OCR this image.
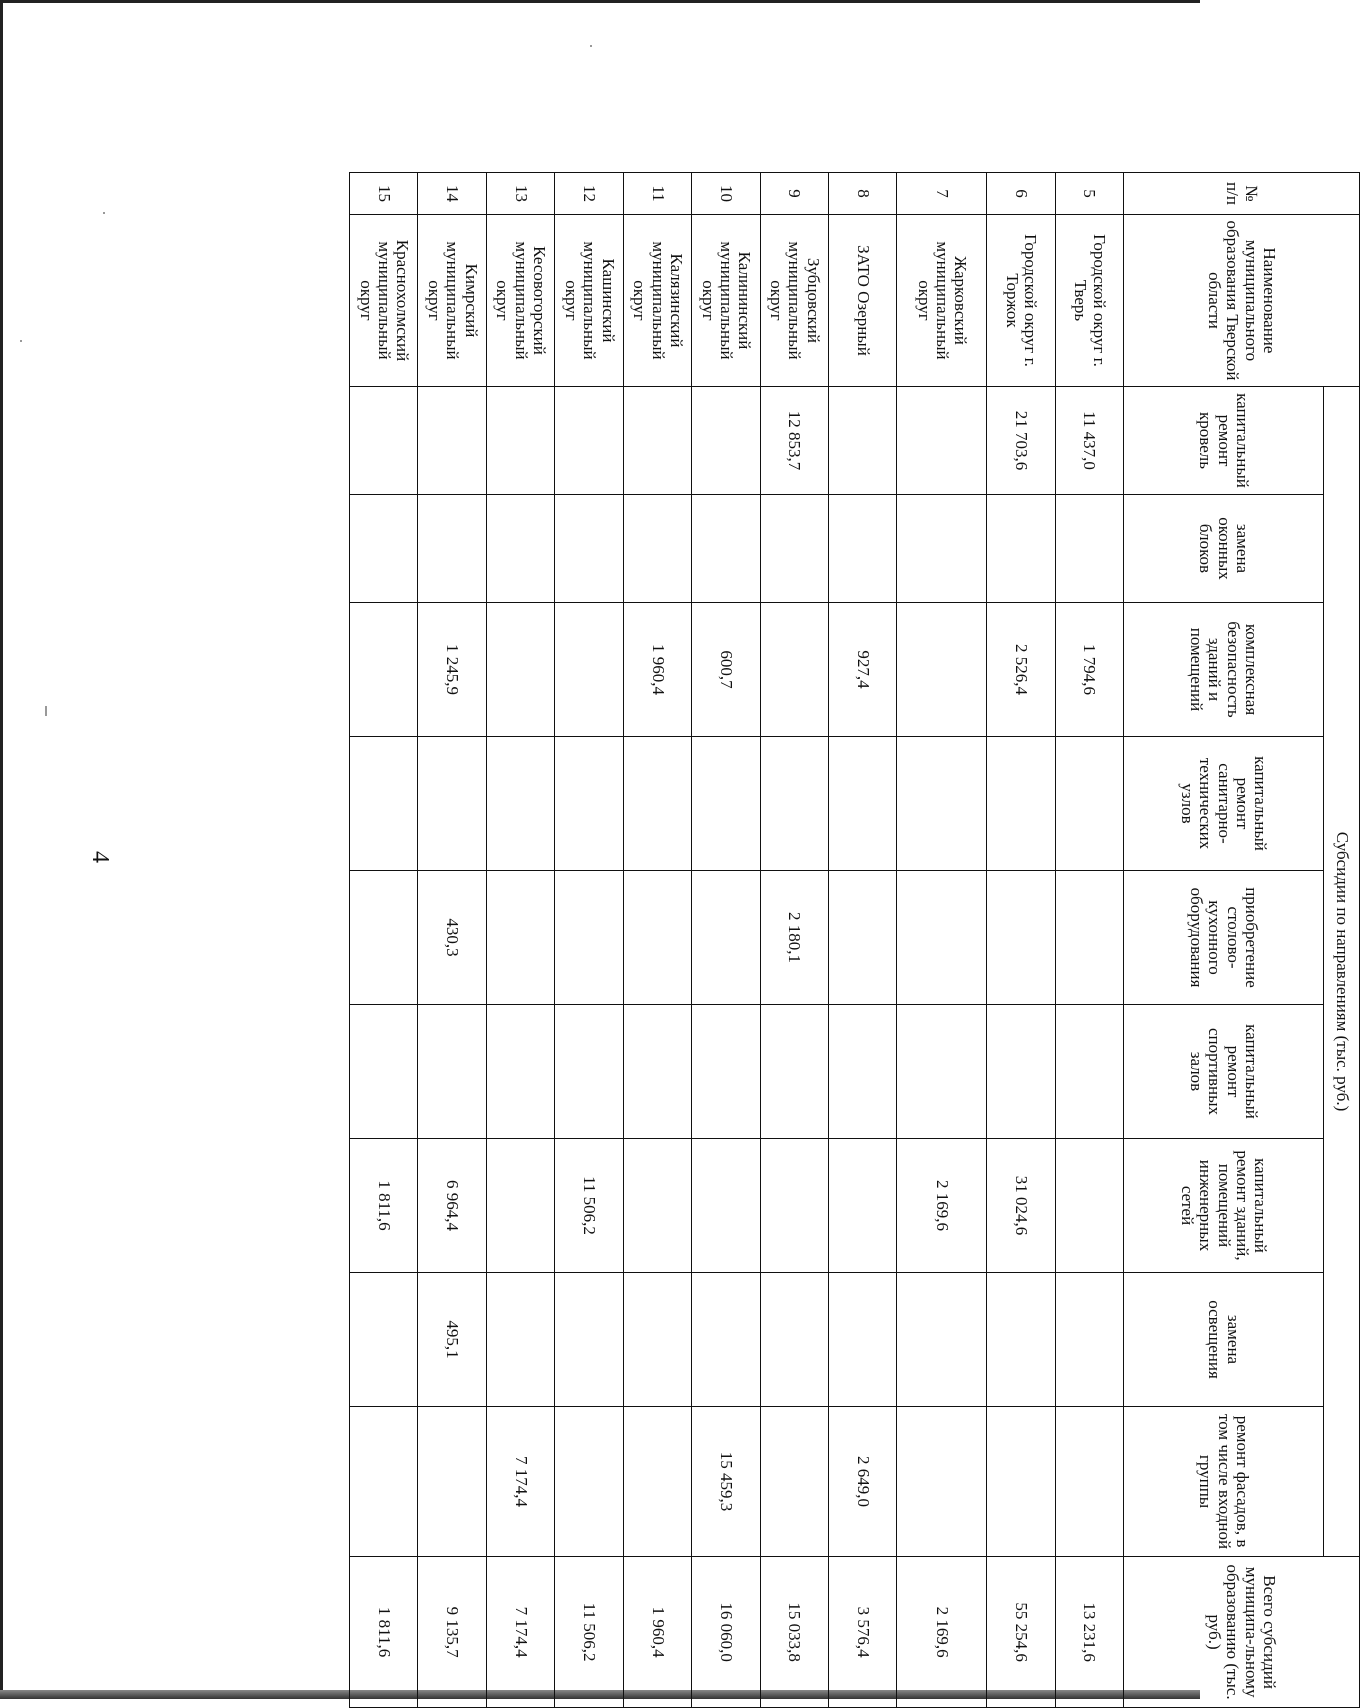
4
№ п/п	Наименование муниципального образования Тверской области	Субсидии по направлениям (тыс. руб.)									Всего субсидий муниципа-льному образованию (тыс. руб.)
		капитальный ремонт кровель	замена оконных блоков	комплексная безопасность зданий и помещений	капитальный ремонт санитарно-технических узлов	приобретение столово-кухонного оборудования	капитальный ремонт спортивных залов	капитальный ремонт зданий, помещений инженерных сетей	замена освещения	ремонт фасадов, в том числе входной группы	
5	Городской округ г. Тверь	11 437,0		1 794,6							13 231,6
6	Городской округ г. Торжок	21 703,6		2 526,4				31 024,6			55 254,6
7	Жарковский муниципальный округ							2 169,6			2 169,6
8	ЗАТО Озерный			927,4						2 649,0	3 576,4
9	Зубцовский муниципальный округ	12 853,7				2 180,1					15 033,8
10	Калининский муниципальный округ			600,7						15 459,3	16 060,0
11	Калязинский муниципальный округ			1 960,4							1 960,4
12	Кашинский муниципальный округ							11 506,2			11 506,2
13	Кесовогорский муниципальный округ									7 174,4	7 174,4
14	Кимрский муниципальный округ			1 245,9		430,3		6 964,4	495,1		9 135,7
15	Краснохолмский муниципальный округ							1 811,6			1 811,6
